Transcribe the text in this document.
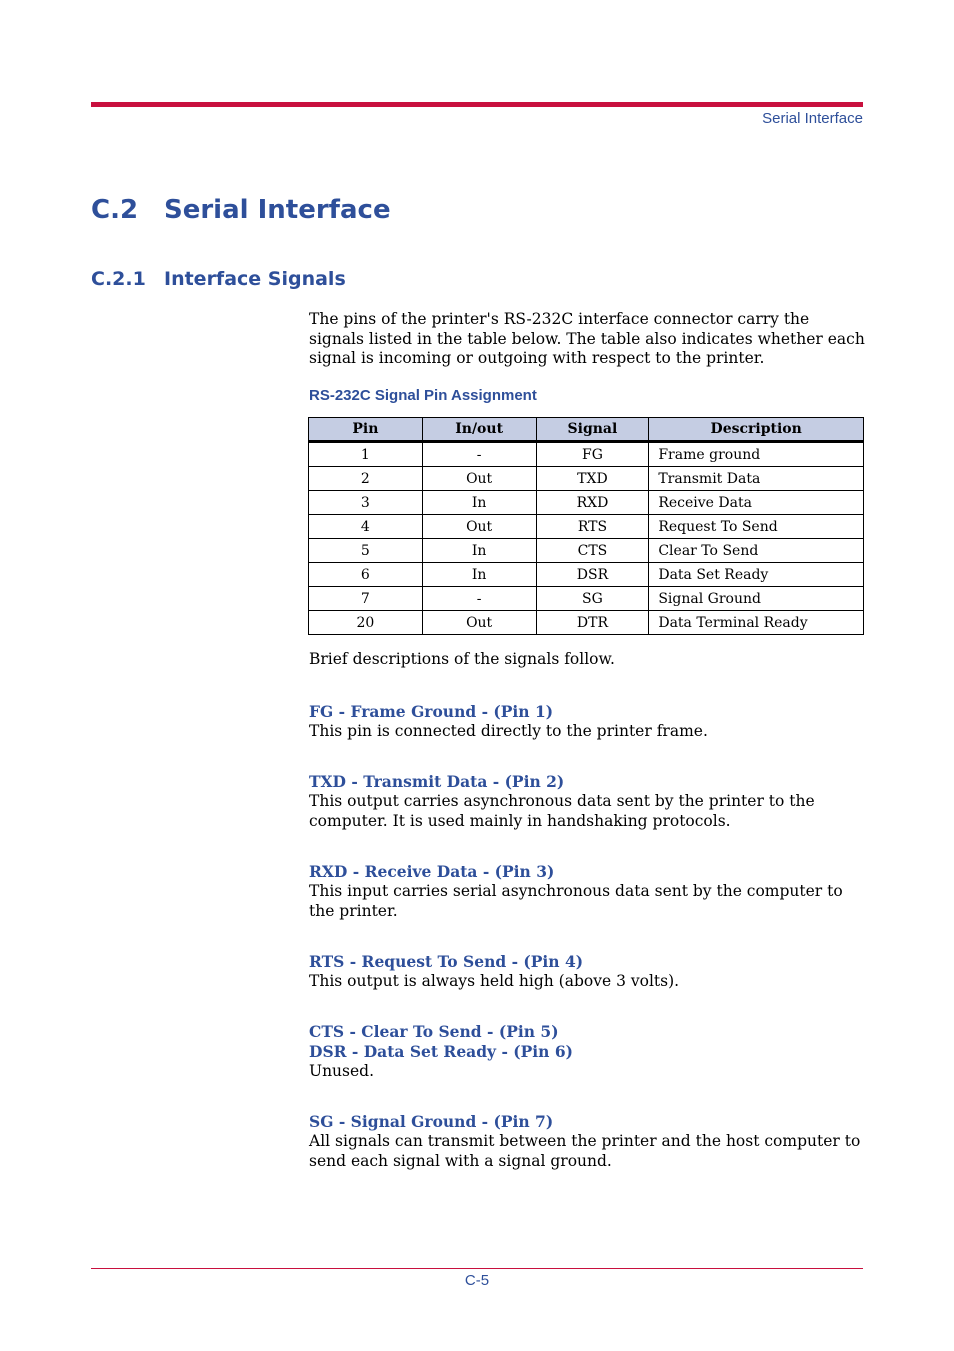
Serial Interface
C.2 Serial Interface
C.2.1 Interface Signals

The pins of the printer's RS-232C interface connector carry the signals listed in the table below. The table also indicates whether each signal is incoming or outgoing with respect to the printer.

RS-232C Signal Pin Assignment
Pin	In/out	Signal	Description
1	-	FG	Frame ground
2	Out	TXD	Transmit Data
3	In	RXD	Receive Data
4	Out	RTS	Request To Send
5	In	CTS	Clear To Send
6	In	DSR	Data Set Ready
7	-	SG	Signal Ground
20	Out	DTR	Data Terminal Ready

Brief descriptions of the signals follow.

FG - Frame Ground - (Pin 1)

This pin is connected directly to the printer frame.

TXD - Transmit Data - (Pin 2)

This output carries asynchronous data sent by the printer to the computer. It is used mainly in handshaking protocols.

RXD - Receive Data - (Pin 3)

This input carries serial asynchronous data sent by the computer to the printer.

RTS - Request To Send - (Pin 4)

This output is always held high (above 3 volts).

CTS - Clear To Send - (Pin 5)

DSR - Data Set Ready - (Pin 6)

Unused.

SG - Signal Ground - (Pin 7)

All signals can transmit between the printer and the host computer to send each signal with a signal ground.

C-5
